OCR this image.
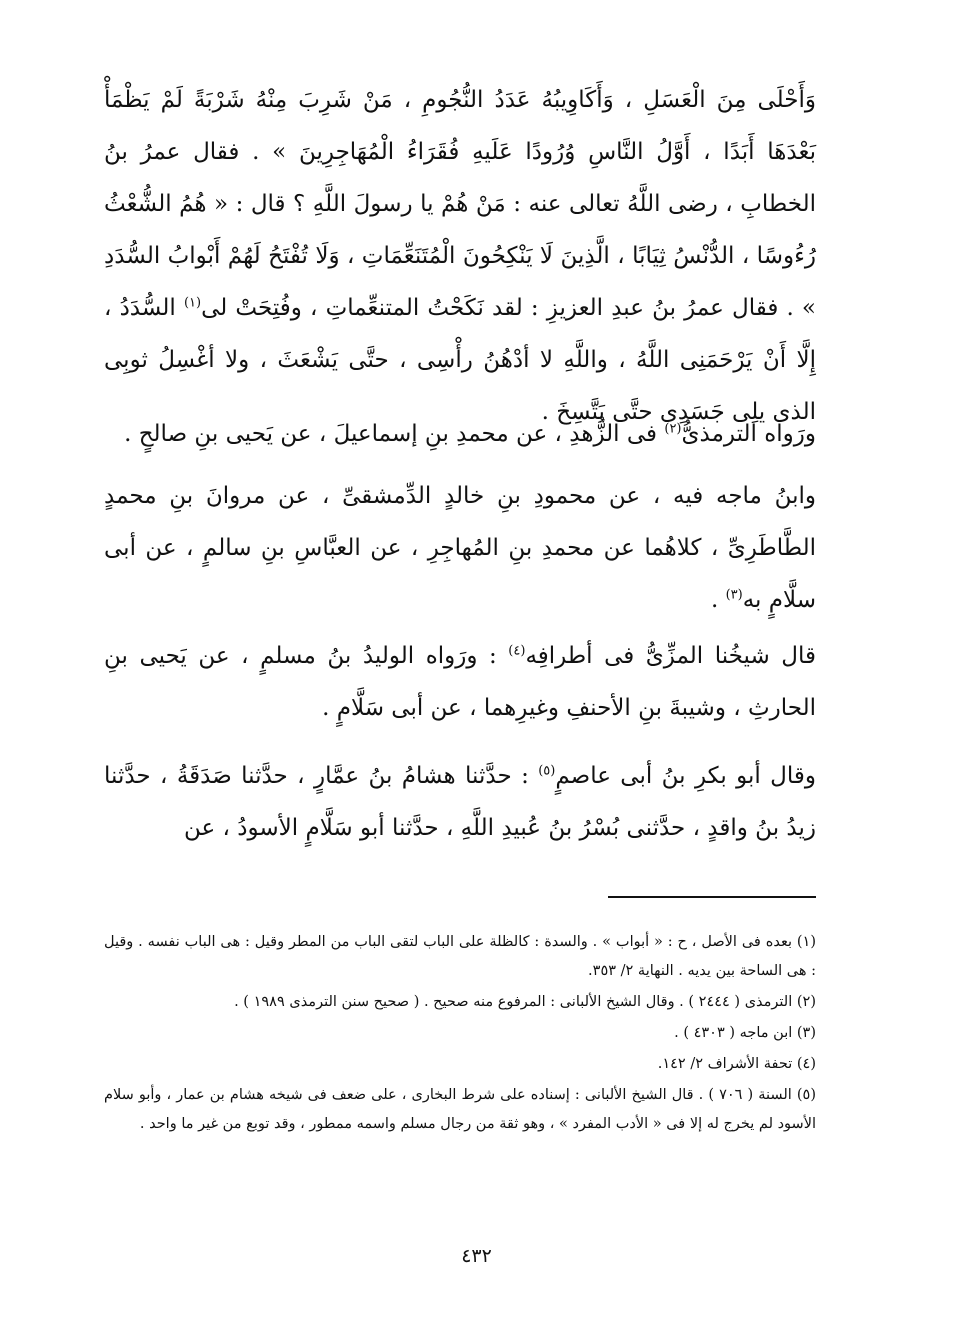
وَأَحْلَى مِنَ الْعَسَلِ ، وَأَكَاوِيبُهُ عَدَدُ النُّجُومِ ، مَنْ شَرِبَ مِنْهُ شَرْبَةً لَمْ يَظْمَأْ بَعْدَهَا أَبَدًا ، أَوَّلُ النَّاسِ وُرُودًا عَلَيهِ فُقَرَاءُ الْمُهَاجِرِينَ » . فقال عمرُ بنُ الخطابِ ، رضى اللَّهُ تعالى عنه : مَنْ هُمْ يا رسولَ اللَّهِ ؟ قال : « هُمُ الشُّعْثُ رُءُوسًا ، الدُّنْسُ ثِيَابًا ، الَّذِينَ لَا يَنْكِحُونَ الْمُتَنَعِّمَاتِ ، وَلَا تُفْتَحُ لَهُمْ أَبْوابُ السُّدَدِ » . فقال عمرُ بنُ عبدِ العزيزِ : لقد نَكَحْتُ المتنعِّماتِ ، وفُتِحَتْ لى$^{(١)}$ السُّدَدُ ، إِلَّا أَنْ يَرْحَمَنِى اللَّهُ ، واللَّهِ لا أدْهُنُ رأْسِى ، حتَّى يَشْعَثَ ، ولا أغْسِلُ ثوبِى الذى يلِى جَسَدِى حتَّى يَتَّسِخَ .

ورَواه الترمذىُّ$^{(٢)}$ فى الزُّهدِ ، عن محمدِ بنِ إسماعيلَ ، عن يَحيى بنِ صالحٍ .

وابنُ ماجه فيه ، عن محمودِ بنِ خالدٍ الدِّمشقىِّ ، عن مروانَ بنِ محمدٍ الطَّاطَرِىِّ ، كلاهُما عن محمدِ بنِ المُهاجِرِ ، عن العبَّاسِ بنِ سالمٍ ، عن أبى سلَّامٍ به$^{(٣)}$ .

قال شيخُنا المزِّىُّ فى أطرافِه$^{(٤)}$ : ورَواه الوليدُ بنُ مسلمٍ ، عن يَحيى بنِ الحارثِ ، وشيبةَ بنِ الأحنفِ وغيرِهما ، عن أبى سَلَّامٍ .

وقال أبو بكرِ بنُ أبى عاصمٍ$^{(٥)}$ : حدَّثنا هشامُ بنُ عمَّارٍ ، حدَّثنا صَدَقَةُ ، حدَّثنا زيدُ بنُ واقدٍ ، حدَّثنى بُسْرُ بنُ عُبيدِ اللَّهِ ، حدَّثنا أبو سَلَّامٍ الأسودُ ، عن

(١) بعده فى الأصل ، ح : « أبواب » . والسدة : كالظلة على الباب لتقى الباب من المطر وقيل : هى الباب نفسه . وقيل : هى الساحة بين يديه . النهاية ٢/ ٣٥٣.
(٢) الترمذى ( ٢٤٤٤ ) . وقال الشيخ الألبانى : المرفوع منه صحيح . ( صحيح سنن الترمذى ١٩٨٩ ) .
(٣) ابن ماجه ( ٤٣٠٣ ) .
(٤) تحفة الأشراف ٢/ ١٤٢.
(٥) السنة ( ٧٠٦ ) . قال الشيخ الألبانى : إسناده على شرط البخارى ، على ضعف فى شيخه هشام بن عمار ، وأبو سلام الأسود لم يخرج له إلا فى « الأدب المفرد » ، وهو ثقة من رجال مسلم واسمه ممطور ، وقد توبع من غير ما واحد .
٤٣٢
